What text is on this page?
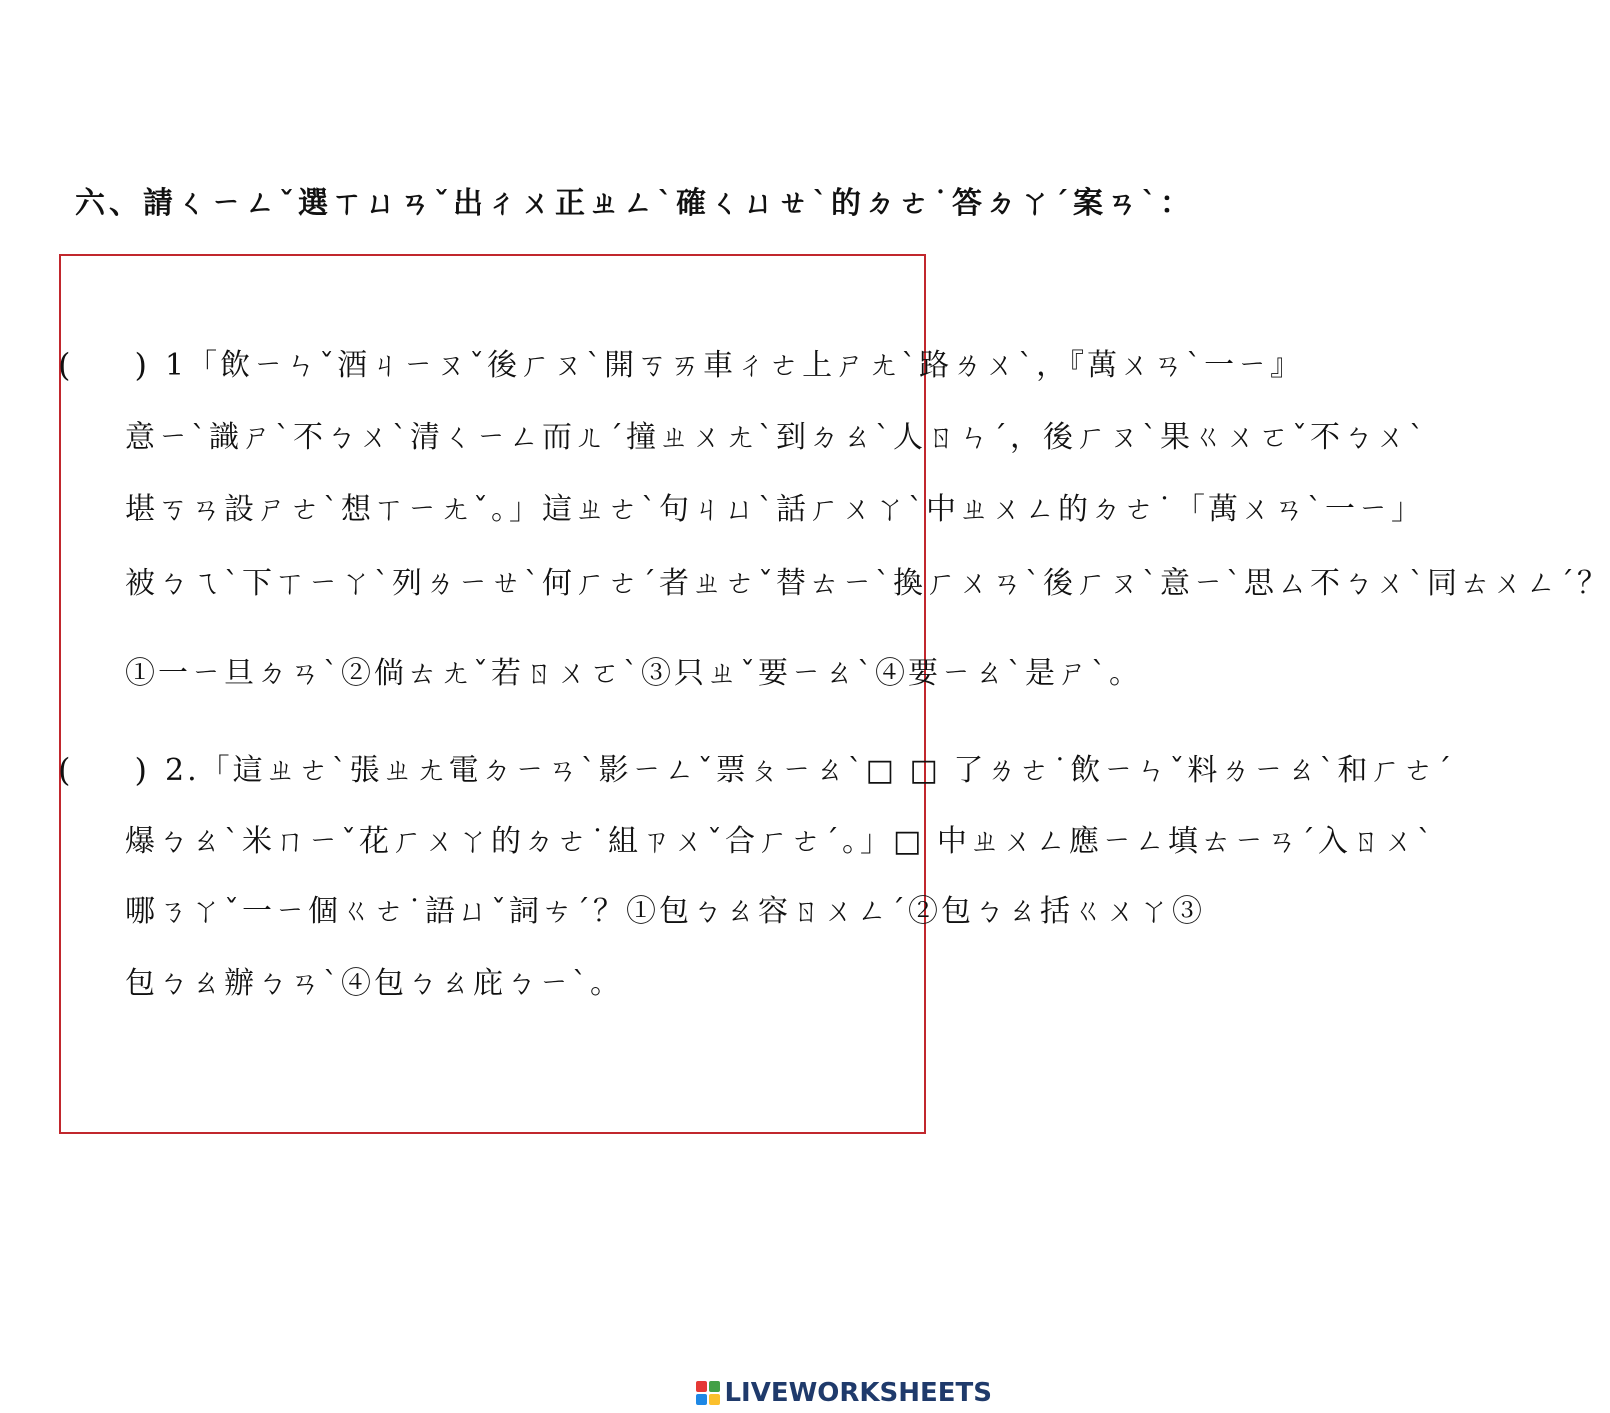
六、請ㄑㄧㄥˇ選ㄒㄩㄢˇ出ㄔㄨ正ㄓㄥˋ確ㄑㄩㄝˋ的ㄉㄜ˙答ㄉㄚˊ案ㄢˋ：
(　　) 1「飲ㄧㄣˇ酒ㄐㄧㄡˇ後ㄏㄡˋ開ㄎㄞ車ㄔㄜ上ㄕㄤˋ路ㄌㄨˋ，『萬ㄨㄢˋ一ㄧ』
意ㄧˋ識ㄕˋ不ㄅㄨˋ清ㄑㄧㄥ而ㄦˊ撞ㄓㄨㄤˋ到ㄉㄠˋ人ㄖㄣˊ，後ㄏㄡˋ果ㄍㄨㄛˇ不ㄅㄨˋ
堪ㄎㄢ設ㄕㄜˋ想ㄒㄧㄤˇ。」這ㄓㄜˋ句ㄐㄩˋ話ㄏㄨㄚˋ中ㄓㄨㄥ的ㄉㄜ˙「萬ㄨㄢˋ一ㄧ」
被ㄅㄟˋ下ㄒㄧㄚˋ列ㄌㄧㄝˋ何ㄏㄜˊ者ㄓㄜˇ替ㄊㄧˋ換ㄏㄨㄢˋ後ㄏㄡˋ意ㄧˋ思ㄙ不ㄅㄨˋ同ㄊㄨㄥˊ？
①一ㄧ旦ㄉㄢˋ②倘ㄊㄤˇ若ㄖㄨㄛˋ③只ㄓˇ要ㄧㄠˋ④要ㄧㄠˋ是ㄕˋ。
(　　) 2.「這ㄓㄜˋ張ㄓㄤ電ㄉㄧㄢˋ影ㄧㄥˇ票ㄆㄧㄠˋ□ □ 了ㄌㄜ˙飲ㄧㄣˇ料ㄌㄧㄠˋ和ㄏㄜˊ
爆ㄅㄠˋ米ㄇㄧˇ花ㄏㄨㄚ的ㄉㄜ˙組ㄗㄨˇ合ㄏㄜˊ。」□ 中ㄓㄨㄥ應ㄧㄥ填ㄊㄧㄢˊ入ㄖㄨˋ
哪ㄋㄚˇ一ㄧ個ㄍㄜ˙語ㄩˇ詞ㄘˊ？①包ㄅㄠ容ㄖㄨㄥˊ②包ㄅㄠ括ㄍㄨㄚ③
包ㄅㄠ辦ㄅㄢˋ④包ㄅㄠ庇ㄅㄧˋ。
LIVEWORKSHEETS
